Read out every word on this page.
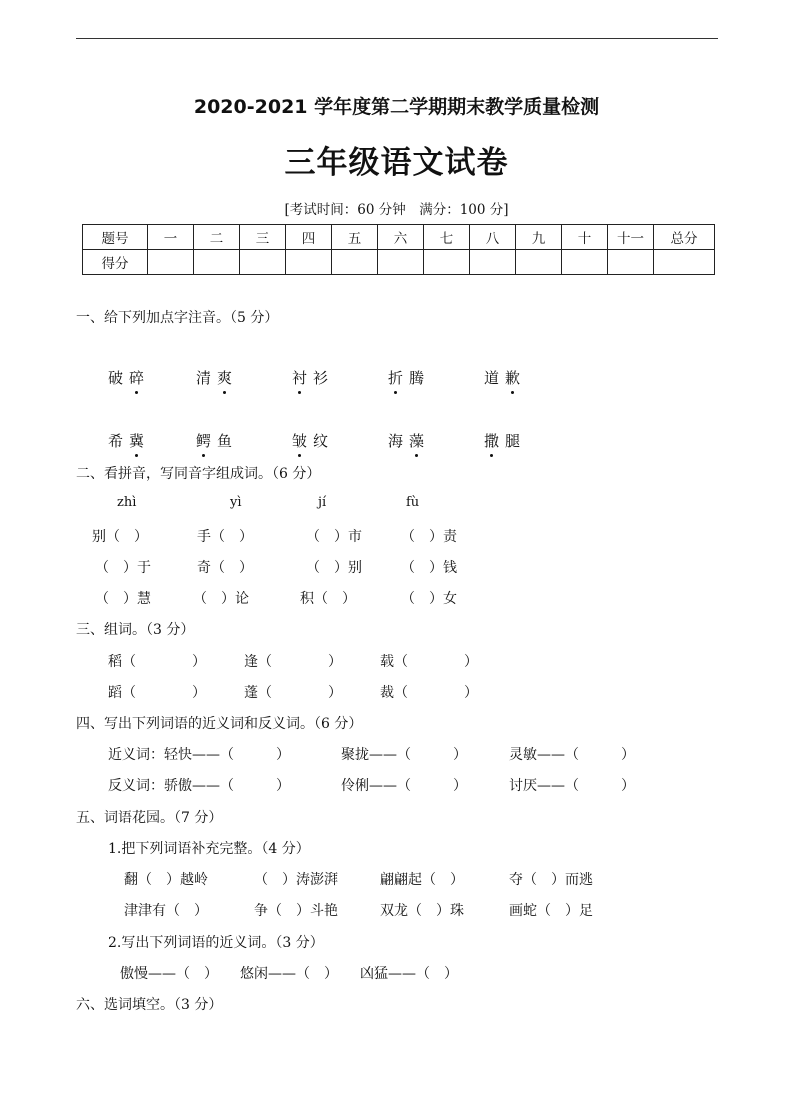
2020-2021 学年度第二学期期末教学质量检测
三年级语文试卷
[考试时间：60 分钟　满分：100 分]
题号	一	二	三	四	五	六	七	八	九	十	十一	总分
得分												
一、给下列加点字注音。（5 分）
破 碎	清 爽	衬 衫	折 腾	道 歉
希 冀	鳄 鱼	皱 纹	海 藻	撒 腿
二、看拼音，写同音字组成词。（6 分）
zhì	yì	jí	fù
别（　）	手（　）	（　）市	（　）责
（　）于	奇（　）	（　）别	（　）钱
（　）慧	（　）论	积（　）	（　）女
三、组词。（3 分）
稻（　　　　）	逢（　　　　）	载（　　　　）
蹈（　　　　）	蓬（　　　　）	裁（　　　　）
四、写出下列词语的近义词和反义词。（6 分）
近义词：轻快——（　　　）	聚拢——（　　　）	灵敏——（　　　）
反义词：骄傲——（　　　）	伶俐——（　　　）	讨厌——（　　　）
五、词语花园。（7 分）
1.把下列词语补充完整。（4 分）
翻（　）越岭	（　）涛澎湃	翩翩起（　）	夺（　）而逃
津津有（　）	争（　）斗艳	双龙（　）珠	画蛇（　）足
2.写出下列词语的近义词。（3 分）
傲慢——（　） 悠闲——（　） 凶猛——（　）
六、选词填空。（3 分）
